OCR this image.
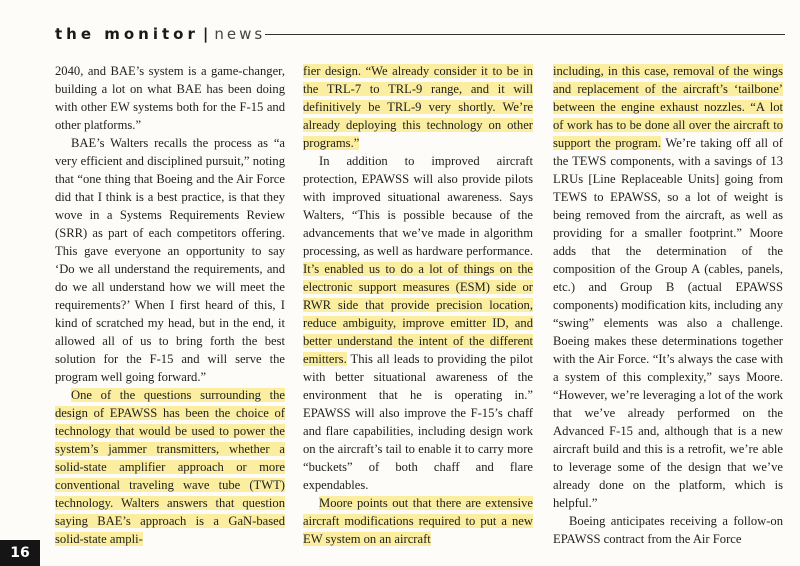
the monitor | news

2040, and BAE’s system is a game-changer, building a lot on what BAE has been doing with other EW systems both for the F-15 and other platforms.”

BAE’s Walters recalls the process as “a very efficient and disciplined pursuit,” noting that “one thing that Boeing and the Air Force did that I think is a best practice, is that they wove in a Systems Requirements Review (SRR) as part of each competitors offering. This gave everyone an opportunity to say ‘Do we all understand the requirements, and do we all understand how we will meet the requirements?’ When I first heard of this, I kind of scratched my head, but in the end, it allowed all of us to bring forth the best solution for the F-15 and will serve the program well going forward.”

One of the questions surrounding the design of EPAWSS has been the choice of technology that would be used to power the system’s jammer transmitters, whether a solid-state amplifier approach or more conventional traveling wave tube (TWT) technology. Walters answers that question saying BAE’s approach is a GaN-based solid-state ampli-

fier design. “We already consider it to be in the TRL-7 to TRL-9 range, and it will definitively be TRL-9 very shortly. We’re already deploying this technology on other programs.”

In addition to improved aircraft protection, EPAWSS will also provide pilots with improved situational awareness. Says Walters, “This is possible because of the advancements that we’ve made in algorithm processing, as well as hardware performance. It’s enabled us to do a lot of things on the electronic support measures (ESM) side or RWR side that provide precision location, reduce ambiguity, improve emitter ID, and better understand the intent of the different emitters. This all leads to providing the pilot with better situational awareness of the environment that he is operating in.” EPAWSS will also improve the F-15’s chaff and flare capabilities, including design work on the aircraft’s tail to enable it to carry more “buckets” of both chaff and flare expendables.

Moore points out that there are extensive aircraft modifications required to put a new EW system on an aircraft

including, in this case, removal of the wings and replacement of the aircraft’s ‘tailbone’ between the engine exhaust nozzles. “A lot of work has to be done all over the aircraft to support the program. We’re taking off all of the TEWS components, with a savings of 13 LRUs [Line Replaceable Units] going from TEWS to EPAWSS, so a lot of weight is being removed from the aircraft, as well as providing for a smaller footprint.” Moore adds that the determination of the composition of the Group A (cables, panels, etc.) and Group B (actual EPAWSS components) modification kits, including any “swing” elements was also a challenge. Boeing makes these determinations together with the Air Force. “It’s always the case with a system of this complexity,” says Moore. “However, we’re leveraging a lot of the work that we’ve already performed on the Advanced F-15 and, although that is a new aircraft build and this is a retrofit, we’re able to leverage some of the design that we’ve already done on the platform, which is helpful.”

Boeing anticipates receiving a follow-on EPAWSS contract from the Air Force

16
